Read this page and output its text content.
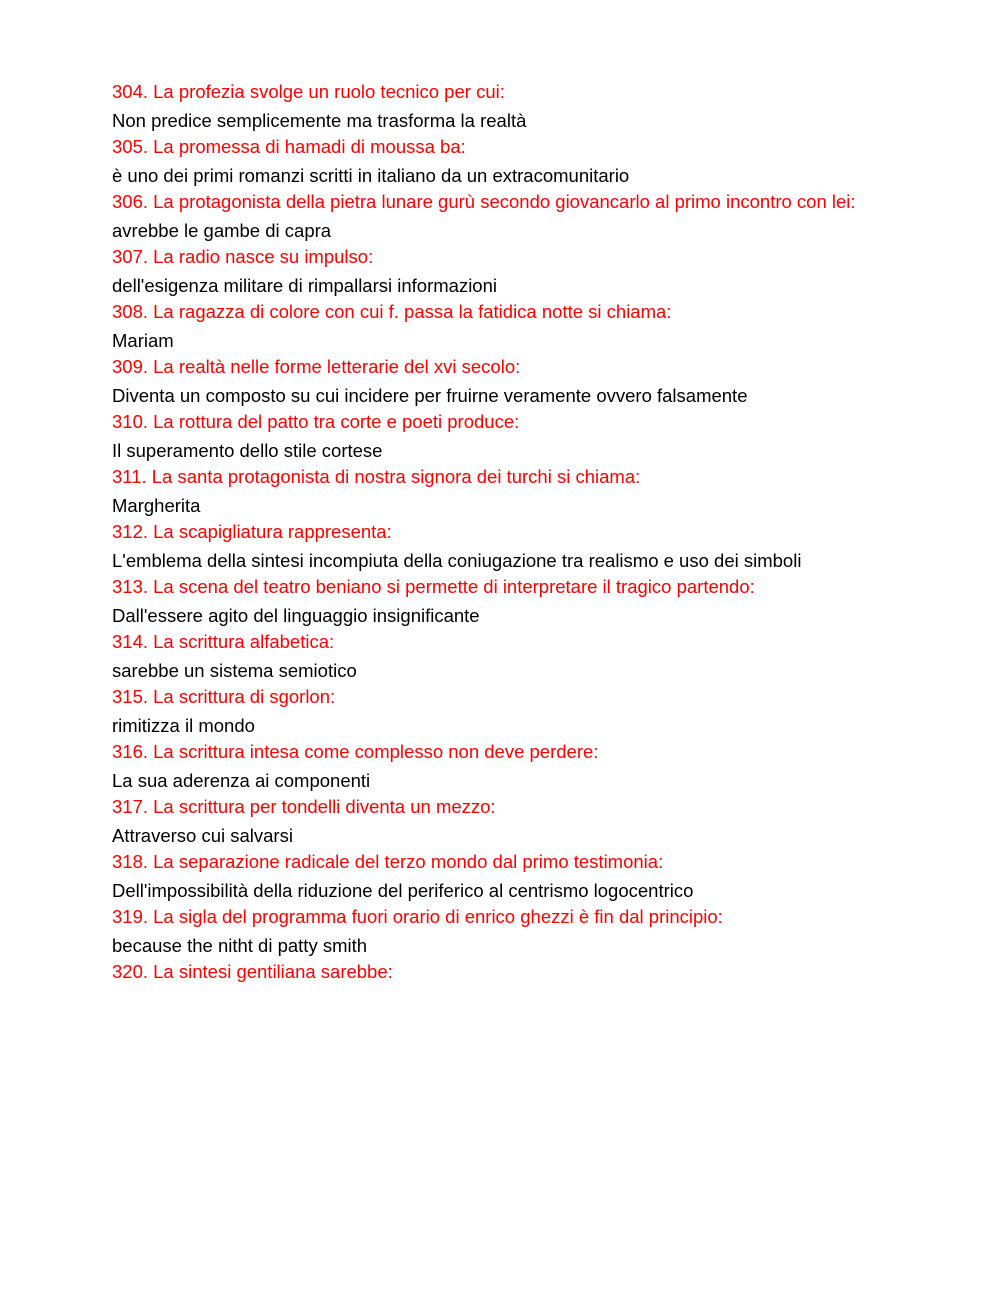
304. La profezia svolge un ruolo tecnico per cui:

Non predice semplicemente ma trasforma la realtà

305. La promessa di hamadi di moussa ba:

è uno dei primi romanzi scritti in italiano da un extracomunitario

306. La protagonista della pietra lunare gurù secondo giovancarlo al primo incontro con lei:

avrebbe le gambe di capra

307. La radio nasce su impulso:

dell'esigenza militare di rimpallarsi informazioni

308. La ragazza di colore con cui f. passa la fatidica notte si chiama:

Mariam

309. La realtà nelle forme letterarie del xvi secolo:

Diventa un composto su cui incidere per fruirne veramente ovvero falsamente

310. La rottura del patto tra corte e poeti produce:

Il superamento dello stile cortese

311. La santa protagonista di nostra signora dei turchi si chiama:

Margherita

312. La scapigliatura rappresenta:

L'emblema della sintesi incompiuta della coniugazione tra realismo e uso dei simboli

313. La scena del teatro beniano si permette di interpretare il tragico partendo:

Dall'essere agito del linguaggio insignificante

314. La scrittura alfabetica:

sarebbe un sistema semiotico

315. La scrittura di sgorlon:

rimitizza il mondo

316. La scrittura intesa come complesso non deve perdere:

La sua aderenza ai componenti

317. La scrittura per tondelli diventa un mezzo:

Attraverso cui salvarsi

318. La separazione radicale del terzo mondo dal primo testimonia:

Dell'impossibilità della riduzione del periferico al centrismo logocentrico

319. La sigla del programma fuori orario di enrico ghezzi è fin dal principio:

because the nitht di patty smith

320. La sintesi gentiliana sarebbe:
